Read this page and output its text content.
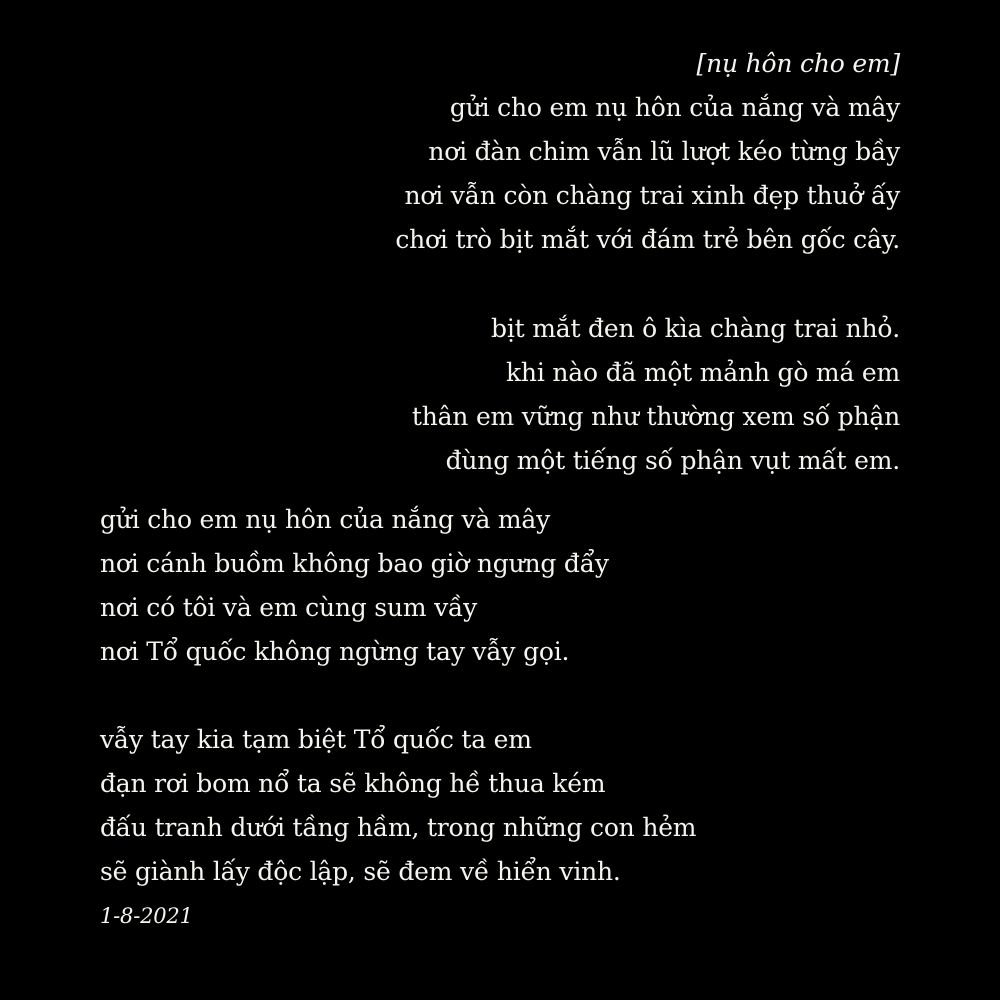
[nụ hôn cho em]
gửi cho em nụ hôn của nắng và mây
nơi đàn chim vẫn lũ lượt kéo từng bầy
nơi vẫn còn chàng trai xinh đẹp thuở ấy
chơi trò bịt mắt với đám trẻ bên gốc cây.
bịt mắt đen ô kìa chàng trai nhỏ.
khi nào đã một mảnh gò má em
thân em vững như thường xem số phận
đùng một tiếng số phận vụt mất em.
gửi cho em nụ hôn của nắng và mây
nơi cánh buồm không bao giờ ngưng đẩy
nơi có tôi và em cùng sum vầy
nơi Tổ quốc không ngừng tay vẫy gọi.
vẫy tay kia tạm biệt Tổ quốc ta em
đạn rơi bom nổ ta sẽ không hề thua kém
đấu tranh dưới tầng hầm, trong những con hẻm
sẽ giành lấy độc lập, sẽ đem về hiển vinh.
1-8-2021
